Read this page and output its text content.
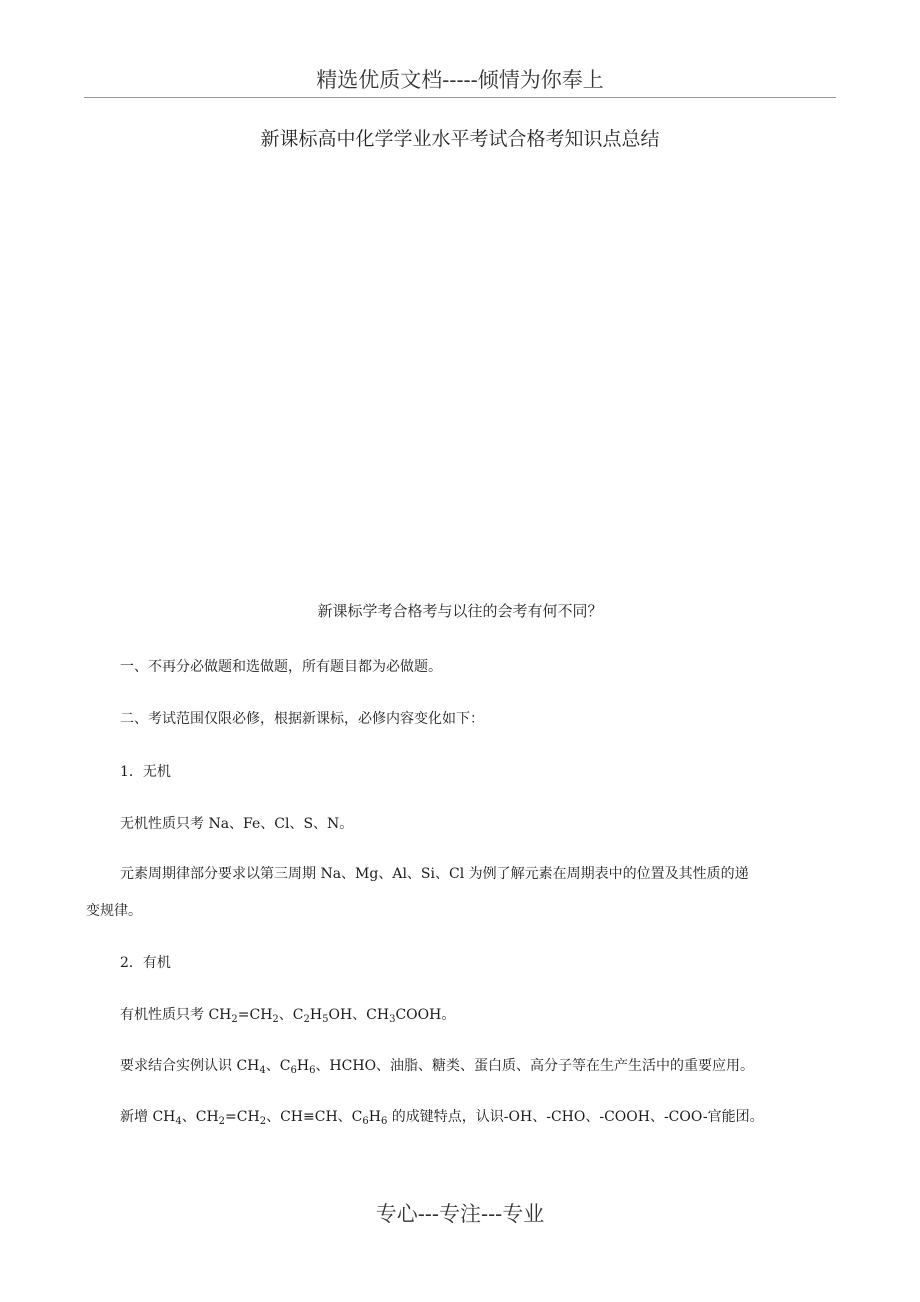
精选优质文档-----倾情为你奉上
新课标高中化学学业水平考试合格考知识点总结
新课标学考合格考与以往的会考有何不同？
一、不再分必做题和选做题，所有题目都为必做题。
二、考试范围仅限必修，根据新课标，必修内容变化如下：
1．无机
无机性质只考 Na、Fe、Cl、S、N。
元素周期律部分要求以第三周期 Na、Mg、Al、Si、Cl 为例了解元素在周期表中的位置及其性质的递
变规律。
2．有机
有机性质只考 $CH_2=CH_2$、$C_2H_5OH$、$CH_3COOH$。
要求结合实例认识 $CH_4$、$C_6H_6$、HCHO、油脂、糖类、蛋白质、高分子等在生产生活中的重要应用。
新增 $CH_4$、$CH_2=CH_2$、CH≡CH、$C_6H_6$ 的成键特点，认识-OH、-CHO、-COOH、-COO-官能团。
专心---专注---专业
